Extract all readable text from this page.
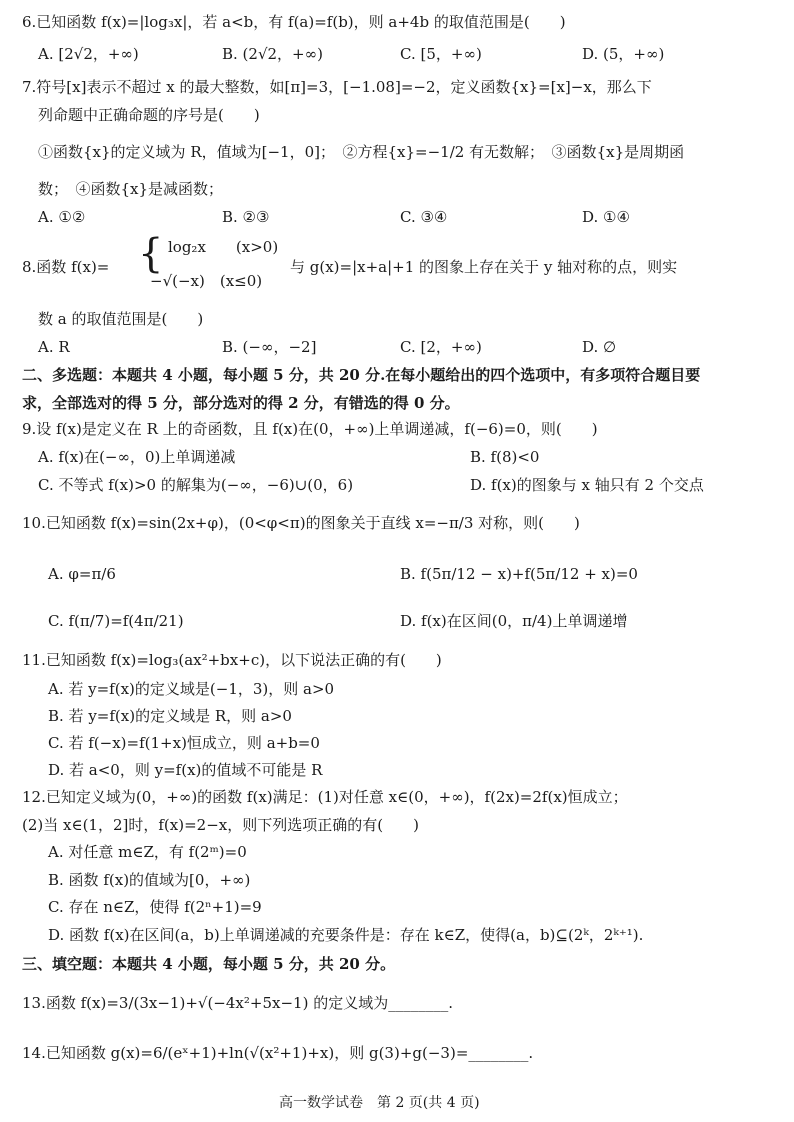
6.已知函数 f(x)=|log₃x|，若 a<b，有 f(a)=f(b)，则 a+4b 的取值范围是(　　)
A. [2√2，+∞)	B. (2√2，+∞)	C. [5，+∞)	D. (5，+∞)
7.符号[x]表示不超过 x 的最大整数，如[π]=3，[−1.08]=−2，定义函数{x}=[x]−x，那么下
列命题中正确命题的序号是(　　)
①函数{x}的定义域为 R，值域为[−1，0]；　②方程{x}=−1/2 有无数解；　③函数{x}是周期函
数；　④函数{x}是减函数；
A. ①②	B. ②③	C. ③④	D. ①④
8.函数 f(x)= { log₂x　　(x>0)
−√(−x)　(x≤0)
与 g(x)=|x+a|+1 的图象上存在关于 y 轴对称的点，则实
数 a 的取值范围是(　　)
A. R	B. (−∞，−2]	C. [2，+∞)	D. ∅
二、多选题：本题共 4 小题，每小题 5 分，共 20 分.在每小题给出的四个选项中，有多项符合题目要
求，全部选对的得 5 分，部分选对的得 2 分，有错选的得 0 分。
9.设 f(x)是定义在 R 上的奇函数，且 f(x)在(0，+∞)上单调递减，f(−6)=0，则(　　)
A. f(x)在(−∞，0)上单调递减	B. f(8)<0
C. 不等式 f(x)>0 的解集为(−∞，−6)∪(0，6)	D. f(x)的图象与 x 轴只有 2 个交点
10.已知函数 f(x)=sin(2x+φ)，(0<φ<π)的图象关于直线 x=−π/3 对称，则(　　)
A. φ=π/6	B. f(5π/12 − x)+f(5π/12 + x)=0
C. f(π/7)=f(4π/21)	D. f(x)在区间(0，π/4)上单调递增
11.已知函数 f(x)=log₃(ax²+bx+c)，以下说法正确的有(　　)
A. 若 y=f(x)的定义域是(−1，3)，则 a>0
B. 若 y=f(x)的定义域是 R，则 a>0
C. 若 f(−x)=f(1+x)恒成立，则 a+b=0
D. 若 a<0，则 y=f(x)的值域不可能是 R
12.已知定义域为(0，+∞)的函数 f(x)满足：(1)对任意 x∈(0，+∞)，f(2x)=2f(x)恒成立；
(2)当 x∈(1，2]时，f(x)=2−x，则下列选项正确的有(　　)
A. 对任意 m∈Z，有 f(2ᵐ)=0
B. 函数 f(x)的值域为[0，+∞)
C. 存在 n∈Z，使得 f(2ⁿ+1)=9
D. 函数 f(x)在区间(a，b)上单调递减的充要条件是：存在 k∈Z，使得(a，b)⊆(2ᵏ，2ᵏ⁺¹).
三、填空题：本题共 4 小题，每小题 5 分，共 20 分。
13.函数 f(x)=3/(3x−1)+√(−4x²+5x−1) 的定义域为________.
14.已知函数 g(x)=6/(eˣ+1)+ln(√(x²+1)+x)，则 g(3)+g(−3)=________.
高一数学试卷　第 2 页(共 4 页)
